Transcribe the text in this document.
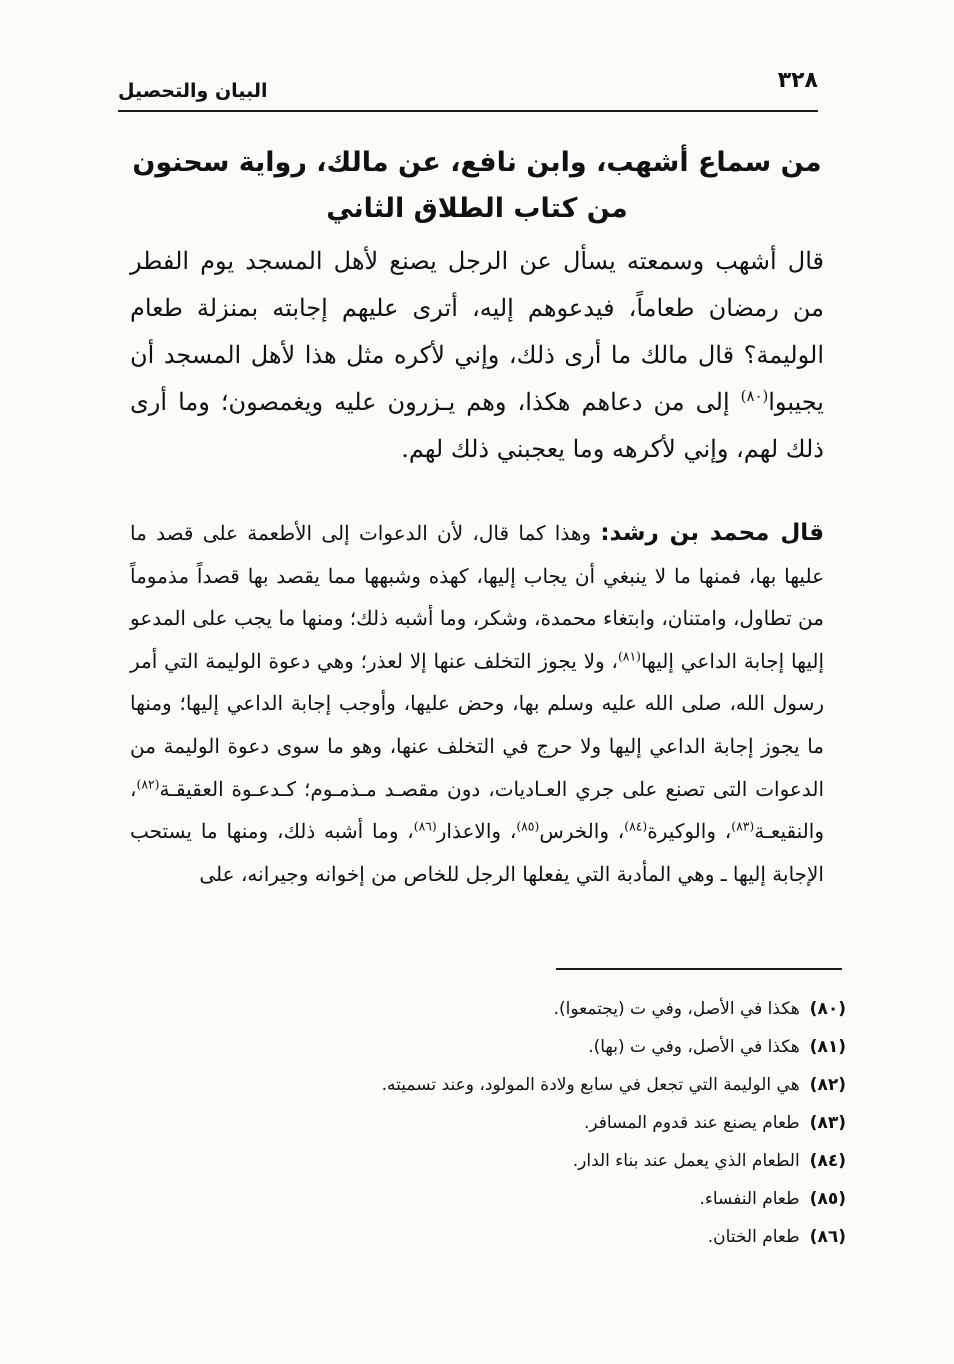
٣٢٨
البيان والتحصيل
من سماع أشهب، وابن نافع، عن مالك، رواية سحنون
من كتاب الطلاق الثاني

قال أشهب وسمعته يسأل عن الرجل يصنع لأهل المسجد يوم الفطر من رمضان طعاماً، فيدعوهم إليه، أترى عليهم إجابته بمنزلة طعام الوليمة؟ قال مالك ما أرى ذلك، وإني لأكره مثل هذا لأهل المسجد أن يجيبوا$^{(٨٠)}$ إلى من دعاهم هكذا، وهم يـزرون عليه ويغمصون؛ وما أرى ذلك لهم، وإني لأكرهه وما يعجبني ذلك لهم.

قال محمد بن رشد: وهذا كما قال، لأن الدعوات إلى الأطعمة على قصد ما عليها بها، فمنها ما لا ينبغي أن يجاب إليها، كهذه وشبهها مما يقصد بها قصداً مذموماً من تطاول، وامتنان، وابتغاء محمدة، وشكر، وما أشبه ذلك؛ ومنها ما يجب على المدعو إليها إجابة الداعي إليها$^{(٨١)}$، ولا يجوز التخلف عنها إلا لعذر؛ وهي دعوة الوليمة التي أمر رسول الله، صلى الله عليه وسلم بها، وحض عليها، وأوجب إجابة الداعي إليها؛ ومنها ما يجوز إجابة الداعي إليها ولا حرج في التخلف عنها، وهو ما سوى دعوة الوليمة من الدعوات التى تصنع على جري العـاديات، دون مقصـد مـذمـوم؛ كـدعـوة العقيقـة$^{(٨٢)}$، والنقيعـة$^{(٨٣)}$، والوكيرة$^{(٨٤)}$، والخرس$^{(٨٥)}$، والاعذار$^{(٨٦)}$، وما أشبه ذلك، ومنها ما يستحب الإجابة إليها ـ وهي المأدبة التي يفعلها الرجل للخاص من إخوانه وجيرانه، على

(٨٠)هكذا في الأصل، وفي ت (يجتمعوا).
(٨١)هكذا في الأصل، وفي ت (بها).
(٨٢)هي الوليمة التي تجعل في سابع ولادة المولود، وعند تسميته.
(٨٣)طعام يصنع عند قدوم المسافر.
(٨٤)الطعام الذي يعمل عند بناء الدار.
(٨٥)طعام النفساء.
(٨٦)طعام الختان.
